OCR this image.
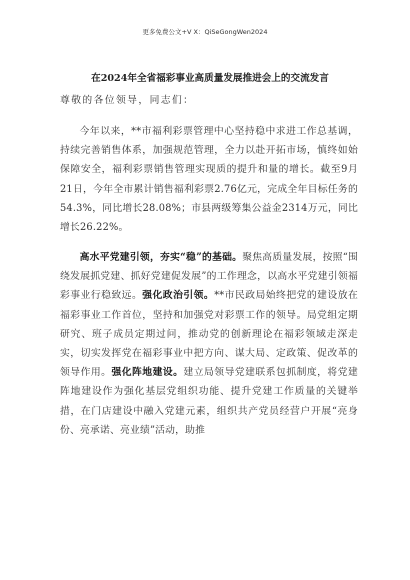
更多免费公文+V X：QiSeGongWen2024
在2024年全省福彩事业高质量发展推进会上的交流发言
尊敬的各位领导，同志们：

今年以来，**市福利彩票管理中心坚持稳中求进工作总基调，持续完善销售体系，加强规范管理，全力以赴开拓市场，慎终如始保障安全，福利彩票销售管理实现质的提升和量的增长。截至9月21日，今年全市累计销售福利彩票2.76亿元，完成全年目标任务的54.3%，同比增长28.08%；市县两级筹集公益金2314万元，同比增长26.22%。

高水平党建引领，夯实“稳”的基础。聚焦高质量发展，按照“围绕发展抓党建、抓好党建促发展”的工作理念，以高水平党建引领福彩事业行稳致远。强化政治引领。**市民政局始终把党的建设放在福彩事业工作首位，坚持和加强党对彩票工作的领导。局党组定期研究、班子成员定期过问，推动党的创新理论在福彩领域走深走实，切实发挥党在福彩事业中把方向、谋大局、定政策、促改革的领导作用。强化阵地建设。建立局领导党建联系包抓制度，将党建阵地建设作为强化基层党组织功能、提升党建工作质量的关键举措，在门店建设中融入党建元素，组织共产党员经营户开展“亮身份、亮承诺、亮业绩”活动，助推
